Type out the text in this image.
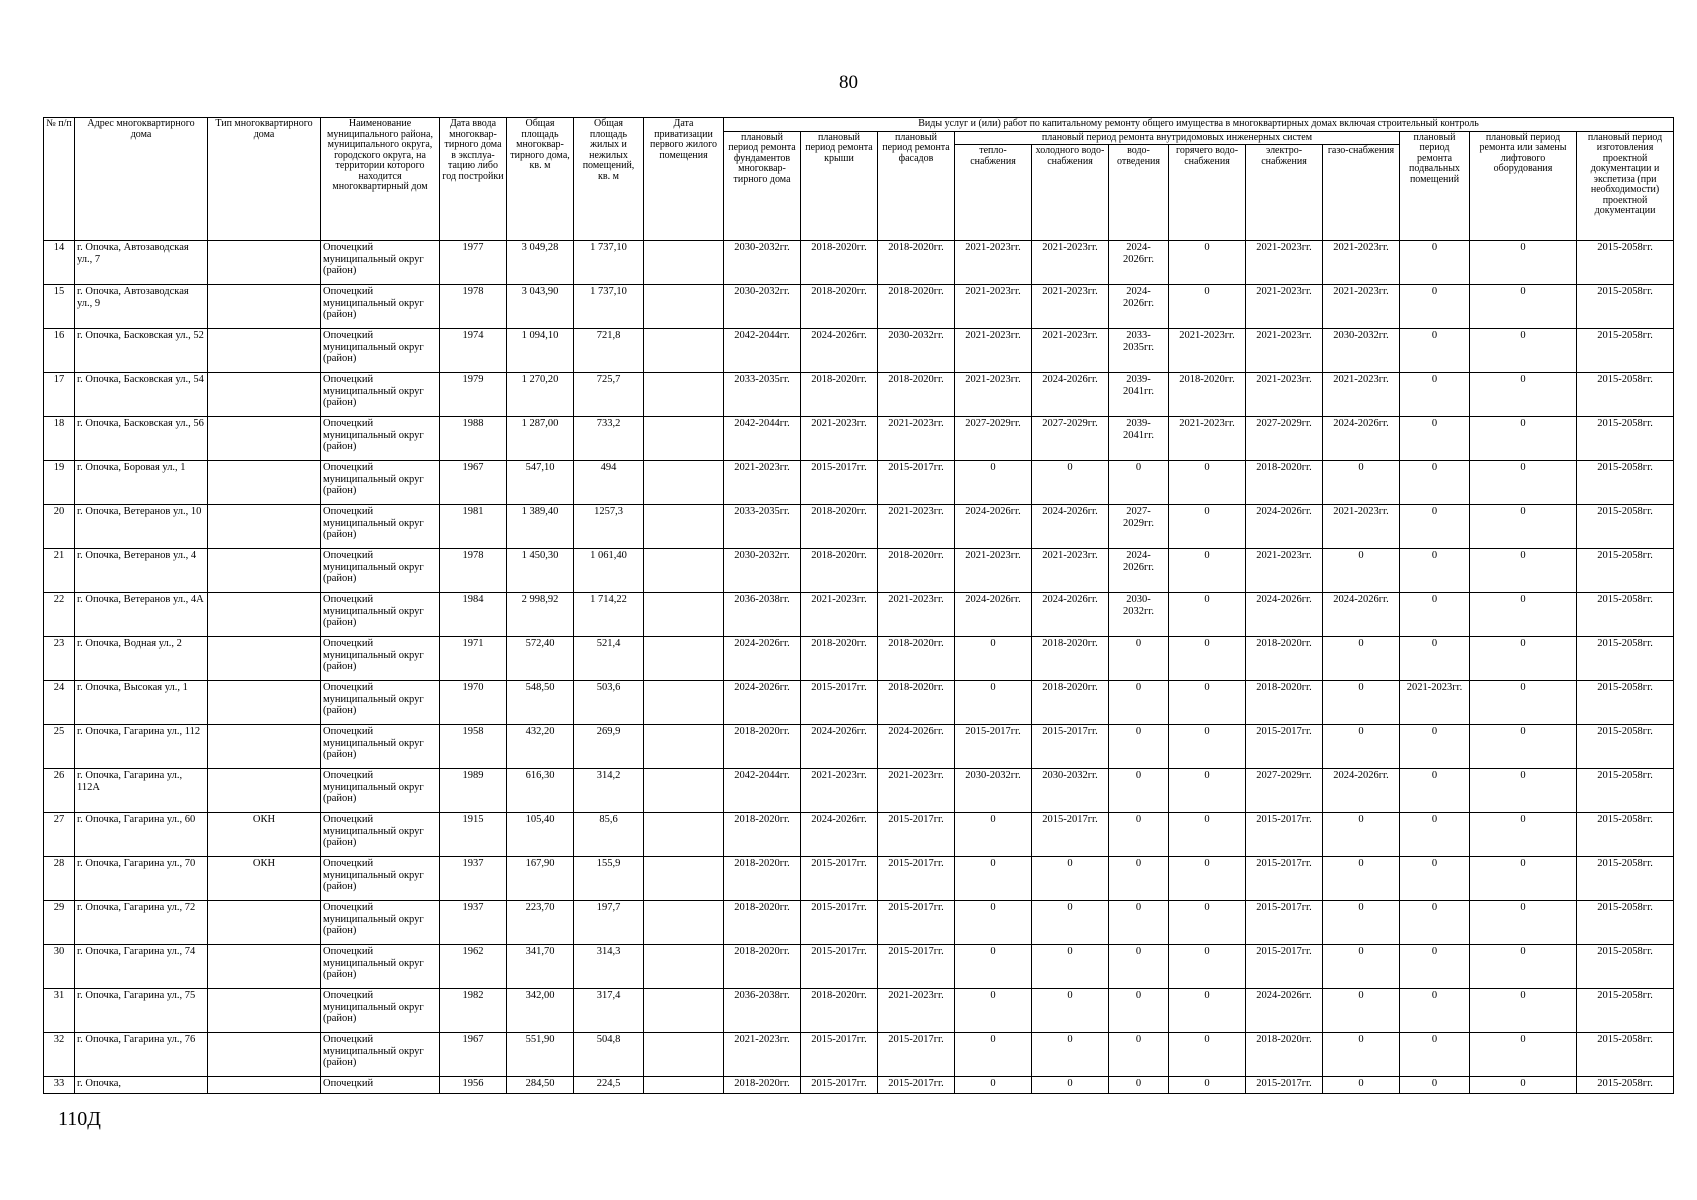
80
№ п/п	Адрес многоквартирного дома	Тип многоквартирного дома	Наименование муниципального района, муниципального округа, городского округа, на территории которого находится многоквартирный дом	Дата ввода многоквар-тирного дома в эксплуа-тацию либо год постройки	Общая площадь многоквар-тирного дома, кв. м	Общая площадь жилых и нежилых помещений, кв. м	Дата приватизации первого жилого помещения	Виды услуг и (или) работ по капитальному ремонту общего имущества в многоквартирных домах включая строительный контроль											
								плановый период ремонта фундаментов многоквар-тирного дома	плановый период ремонта крыши	плановый период ремонта фасадов	плановый период ремонта внутридомовых инженерных систем						плановый период ремонта подвальных помещений	плановый период ремонта или замены лифтового оборудования	плановый период изготовления проектной документации и экспетиза (при необходимости) проектной документации
											тепло-снабжения	холодного водо-снабжения	водо-отведения	горячего водо-снабжения	электро-снабжения	газо-снабжения			
14	г. Опочка, Автозаводская ул., 7		Опочецкий муниципальный округ (район)	1977	3 049,28	1 737,10		2030-2032гг.	2018-2020гг.	2018-2020гг.	2021-2023гг.	2021-2023гг.	2024-2026гг.	0	2021-2023гг.	2021-2023гг.	0	0	2015-2058гг.
15	г. Опочка, Автозаводская ул., 9		Опочецкий муниципальный округ (район)	1978	3 043,90	1 737,10		2030-2032гг.	2018-2020гг.	2018-2020гг.	2021-2023гг.	2021-2023гг.	2024-2026гг.	0	2021-2023гг.	2021-2023гг.	0	0	2015-2058гг.
16	г. Опочка, Басковская ул., 52		Опочецкий муниципальный округ (район)	1974	1 094,10	721,8		2042-2044гг.	2024-2026гг.	2030-2032гг.	2021-2023гг.	2021-2023гг.	2033-2035гг.	2021-2023гг.	2021-2023гг.	2030-2032гг.	0	0	2015-2058гг.
17	г. Опочка, Басковская ул., 54		Опочецкий муниципальный округ (район)	1979	1 270,20	725,7		2033-2035гг.	2018-2020гг.	2018-2020гг.	2021-2023гг.	2024-2026гг.	2039-2041гг.	2018-2020гг.	2021-2023гг.	2021-2023гг.	0	0	2015-2058гг.
18	г. Опочка, Басковская ул., 56		Опочецкий муниципальный округ (район)	1988	1 287,00	733,2		2042-2044гг.	2021-2023гг.	2021-2023гг.	2027-2029гг.	2027-2029гг.	2039-2041гг.	2021-2023гг.	2027-2029гг.	2024-2026гг.	0	0	2015-2058гг.
19	г. Опочка, Боровая ул., 1		Опочецкий муниципальный округ (район)	1967	547,10	494		2021-2023гг.	2015-2017гг.	2015-2017гг.	0	0	0	0	2018-2020гг.	0	0	0	2015-2058гг.
20	г. Опочка, Ветеранов ул., 10		Опочецкий муниципальный округ (район)	1981	1 389,40	1257,3		2033-2035гг.	2018-2020гг.	2021-2023гг.	2024-2026гг.	2024-2026гг.	2027-2029гг.	0	2024-2026гг.	2021-2023гг.	0	0	2015-2058гг.
21	г. Опочка, Ветеранов ул., 4		Опочецкий муниципальный округ (район)	1978	1 450,30	1 061,40		2030-2032гг.	2018-2020гг.	2018-2020гг.	2021-2023гг.	2021-2023гг.	2024-2026гг.	0	2021-2023гг.	0	0	0	2015-2058гг.
22	г. Опочка, Ветеранов ул., 4А		Опочецкий муниципальный округ (район)	1984	2 998,92	1 714,22		2036-2038гг.	2021-2023гг.	2021-2023гг.	2024-2026гг.	2024-2026гг.	2030-2032гг.	0	2024-2026гг.	2024-2026гг.	0	0	2015-2058гг.
23	г. Опочка, Водная ул., 2		Опочецкий муниципальный округ (район)	1971	572,40	521,4		2024-2026гг.	2018-2020гг.	2018-2020гг.	0	2018-2020гг.	0	0	2018-2020гг.	0	0	0	2015-2058гг.
24	г. Опочка, Высокая ул., 1		Опочецкий муниципальный округ (район)	1970	548,50	503,6		2024-2026гг.	2015-2017гг.	2018-2020гг.	0	2018-2020гг.	0	0	2018-2020гг.	0	2021-2023гг.	0	2015-2058гг.
25	г. Опочка, Гагарина ул., 112		Опочецкий муниципальный округ (район)	1958	432,20	269,9		2018-2020гг.	2024-2026гг.	2024-2026гг.	2015-2017гг.	2015-2017гг.	0	0	2015-2017гг.	0	0	0	2015-2058гг.
26	г. Опочка, Гагарина ул., 112А		Опочецкий муниципальный округ (район)	1989	616,30	314,2		2042-2044гг.	2021-2023гг.	2021-2023гг.	2030-2032гг.	2030-2032гг.	0	0	2027-2029гг.	2024-2026гг.	0	0	2015-2058гг.
27	г. Опочка, Гагарина ул., 60	ОКН	Опочецкий муниципальный округ (район)	1915	105,40	85,6		2018-2020гг.	2024-2026гг.	2015-2017гг.	0	2015-2017гг.	0	0	2015-2017гг.	0	0	0	2015-2058гг.
28	г. Опочка, Гагарина ул., 70	ОКН	Опочецкий муниципальный округ (район)	1937	167,90	155,9		2018-2020гг.	2015-2017гг.	2015-2017гг.	0	0	0	0	2015-2017гг.	0	0	0	2015-2058гг.
29	г. Опочка, Гагарина ул., 72		Опочецкий муниципальный округ (район)	1937	223,70	197,7		2018-2020гг.	2015-2017гг.	2015-2017гг.	0	0	0	0	2015-2017гг.	0	0	0	2015-2058гг.
30	г. Опочка, Гагарина ул., 74		Опочецкий муниципальный округ (район)	1962	341,70	314,3		2018-2020гг.	2015-2017гг.	2015-2017гг.	0	0	0	0	2015-2017гг.	0	0	0	2015-2058гг.
31	г. Опочка, Гагарина ул., 75		Опочецкий муниципальный округ (район)	1982	342,00	317,4		2036-2038гг.	2018-2020гг.	2021-2023гг.	0	0	0	0	2024-2026гг.	0	0	0	2015-2058гг.
32	г. Опочка, Гагарина ул., 76		Опочецкий муниципальный округ (район)	1967	551,90	504,8		2021-2023гг.	2015-2017гг.	2015-2017гг.	0	0	0	0	2018-2020гг.	0	0	0	2015-2058гг.
33	г. Опочка,		Опочецкий	1956	284,50	224,5		2018-2020гг.	2015-2017гг.	2015-2017гг.	0	0	0	0	2015-2017гг.	0	0	0	2015-2058гг.
110Д
